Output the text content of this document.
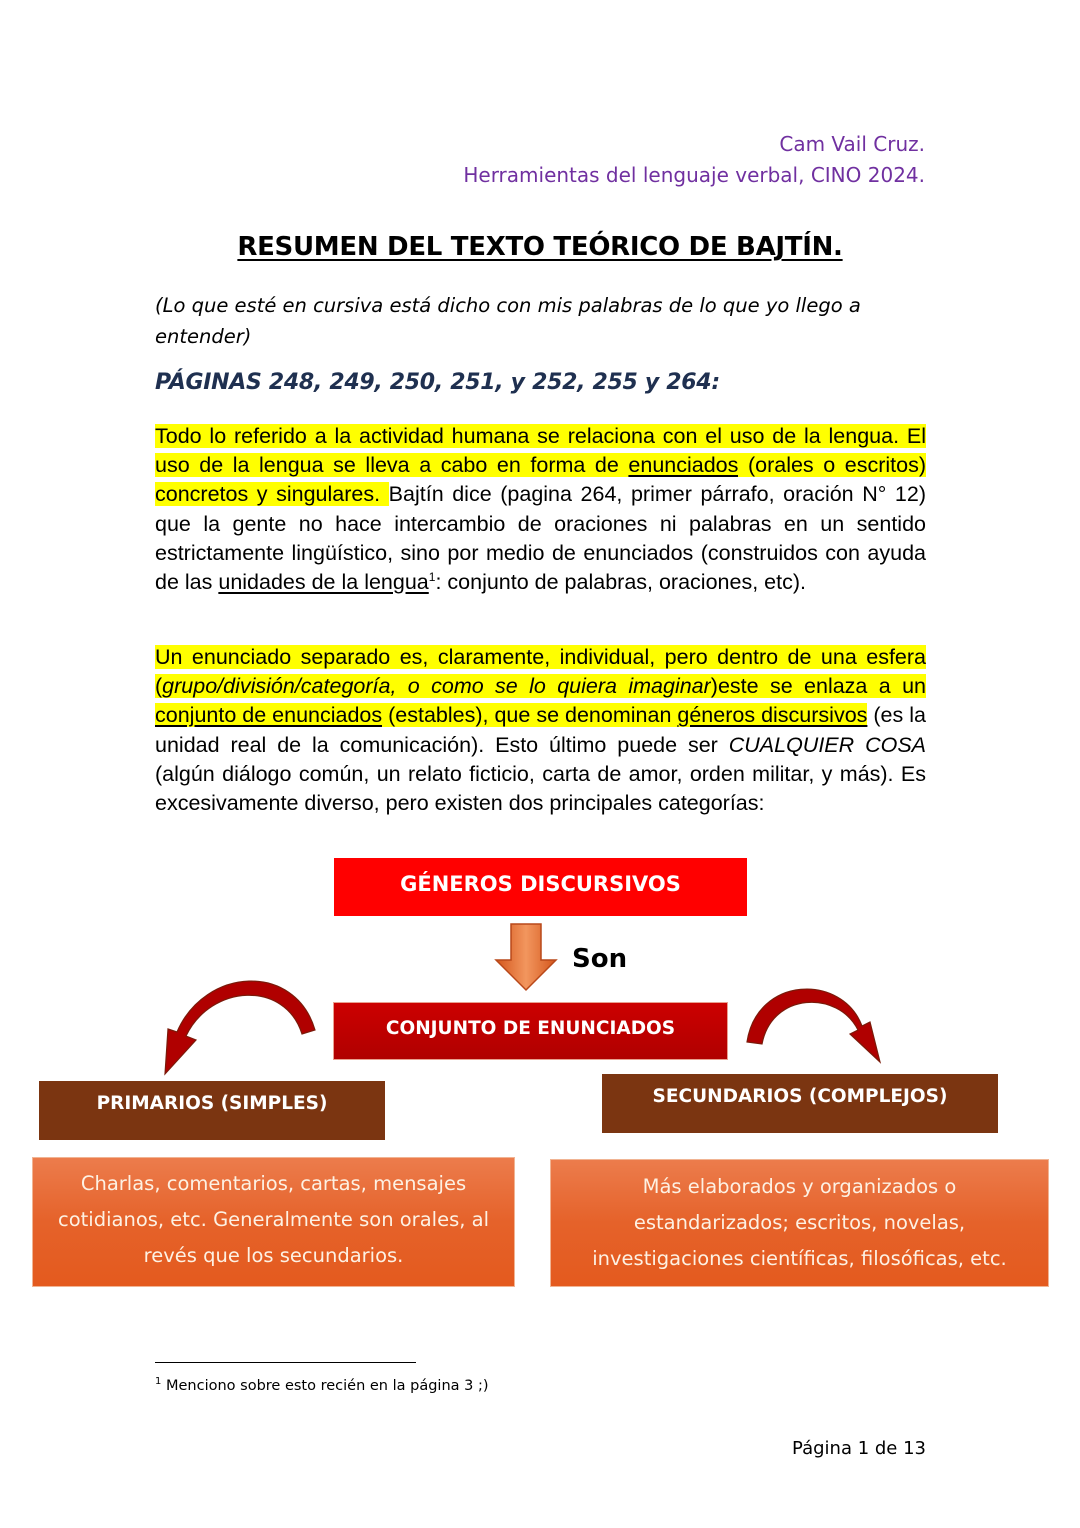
Cam Vail Cruz.
Herramientas del lenguaje verbal, CINO 2024.
RESUMEN DEL TEXTO TEÓRICO DE BAJTÍN.
(Lo que esté en cursiva está dicho con mis palabras de lo que yo llego a entender)
PÁGINAS 248, 249, 250, 251, y 252, 255 y 264:
Todo lo referido a la actividad humana se relaciona con el uso de la lengua. El uso de la lengua se lleva a cabo en forma de enunciados (orales o escritos) concretos y singulares. Bajtín dice (pagina 264, primer párrafo, oración N° 12) que la gente no hace intercambio de oraciones ni palabras en un sentido estrictamente lingüístico, sino por medio de enunciados (construidos con ayuda de las unidades de la lengua$^1$: conjunto de palabras, oraciones, etc).
Un enunciado separado es, claramente, individual, pero dentro de una esfera (grupo/división/categoría, o como se lo quiera imaginar)este se enlaza a un conjunto de enunciados (estables), que se denominan géneros discursivos (es la unidad real de la comunicación). Esto último puede ser CUALQUIER COSA (algún diálogo común, un relato ficticio, carta de amor, orden militar, y más). Es excesivamente diverso, pero existen dos principales categorías:
GÉNEROS DISCURSIVOS
Son
CONJUNTO DE ENUNCIADOS
PRIMARIOS (SIMPLES)	SECUNDARIOS (COMPLEJOS)
Charlas, comentarios, cartas, mensajes cotidianos, etc. Generalmente son orales, al revés que los secundarios.
Más elaborados y organizados o estandarizados; escritos, novelas, investigaciones científicas, filosóficas, etc.
$^1$ Menciono sobre esto recién en la página 3 ;)
Página 1 de 13
